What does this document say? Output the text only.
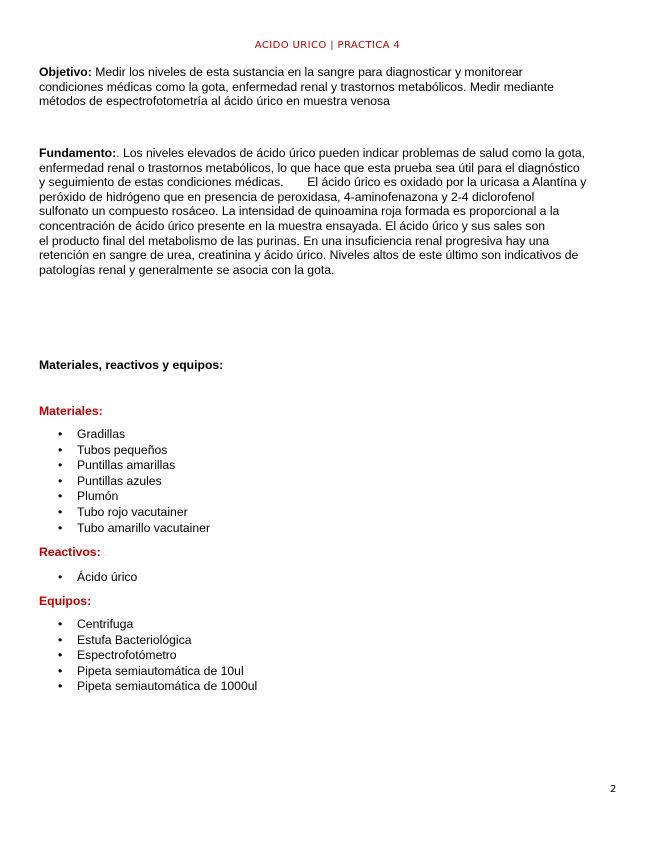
ACIDO URICO | PRACTICA 4
Objetivo: Medir los niveles de esta sustancia en la sangre para diagnosticar y monitorear
condiciones médicas como la gota, enfermedad renal y trastornos metabólicos. Medir mediante
métodos de espectrofotometría al ácido úrico en muestra venosa
Fundamento:. Los niveles elevados de ácido úrico pueden indicar problemas de salud como la gota,
enfermedad renal o trastornos metabólicos, lo que hace que esta prueba sea útil para el diagnóstico
y seguimiento de estas condiciones médicas.       El ácido úrico es oxidado por la uricasa a Alantína y
peróxido de hidrógeno que en presencia de peroxidasa, 4-aminofenazona y 2-4 diclorofenol
sulfonato un compuesto rosáceo. La intensidad de quinoamina roja formada es proporcional a la
concentración de ácido úrico presente en la muestra ensayada. El ácido úrico y sus sales son
el producto final del metabolismo de las purinas. En una insuficiencia renal progresiva hay una
retención en sangre de urea, creatinina y ácido úrico. Niveles altos de este último son indicativos de
patologías renal y generalmente se asocia con la gota.
Materiales, reactivos y equipos:
Materiales:
• Gradillas
• Tubos pequeños
• Puntillas amarillas
• Puntillas azules
• Plumón
• Tubo rojo vacutainer
• Tubo amarillo vacutainer
Reactivos:
• Ácido úrico
Equipos:
• Centrifuga
• Estufa Bacteriológica
• Espectrofotómetro
• Pipeta semiautomática de 10ul
• Pipeta semiautomática de 1000ul
2
